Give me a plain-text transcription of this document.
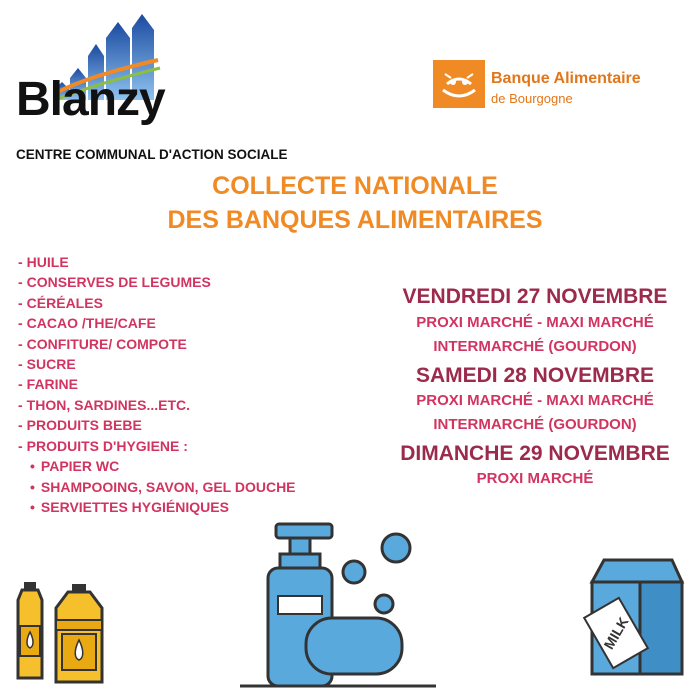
Blanzy
CENTRE COMMUNAL D'ACTION SOCIALE
Banque Alimentaire
de Bourgogne
COLLECTE NATIONALE
DES BANQUES ALIMENTAIRES
- HUILE
- CONSERVES DE LEGUMES
- CÉRÉALES
- CACAO /THE/CAFE
- CONFITURE/ COMPOTE
- SUCRE
- FARINE
- THON, SARDINES...ETC.
- PRODUITS BEBE
- PRODUITS D'HYGIENE :
• PAPIER WC
• SHAMPOOING, SAVON, GEL DOUCHE
• SERVIETTES HYGIÉNIQUES
VENDREDI 27 NOVEMBRE
PROXI MARCHÉ - MAXI MARCHÉ
INTERMARCHÉ (GOURDON)
SAMEDI 28 NOVEMBRE
PROXI MARCHÉ - MAXI MARCHÉ
INTERMARCHÉ (GOURDON)
DIMANCHE 29 NOVEMBRE
PROXI MARCHÉ
MILK
